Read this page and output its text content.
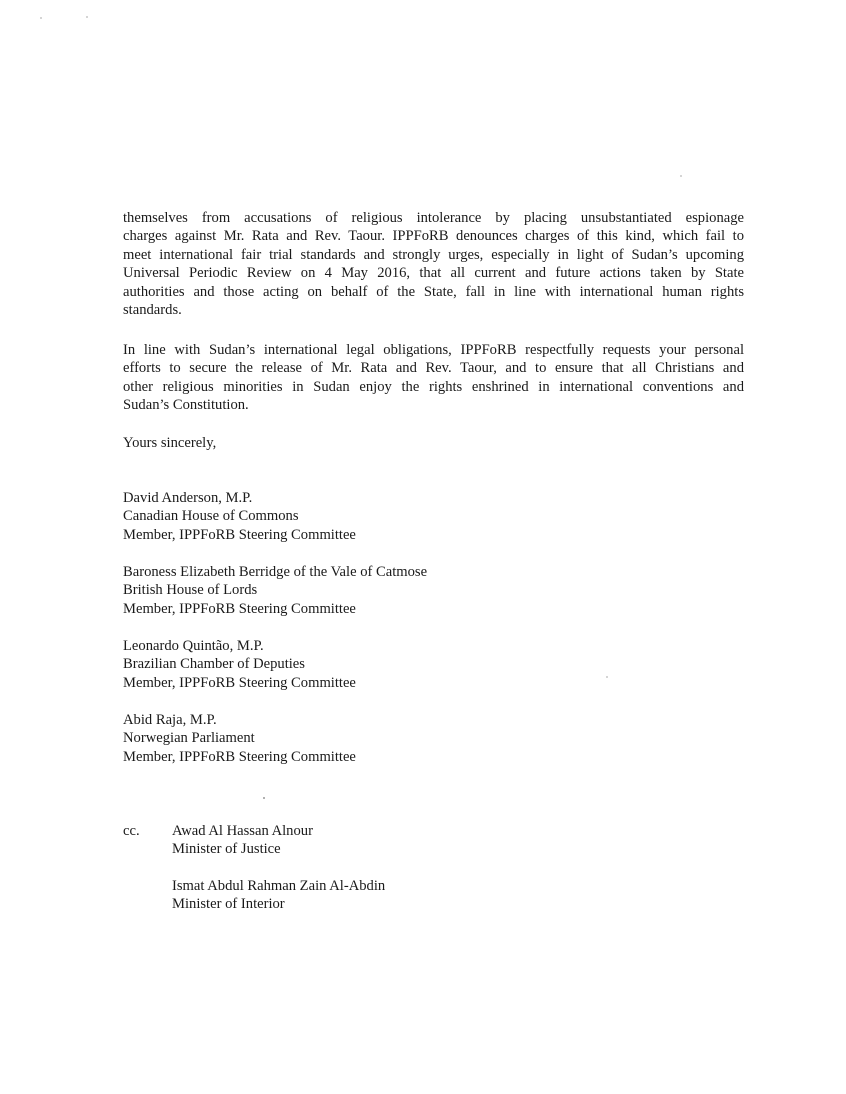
themselves from accusations of religious intolerance by placing unsubstantiated espionage
charges against Mr. Rata and Rev. Taour. IPPFoRB denounces charges of this kind, which fail to
meet international fair trial standards and strongly urges, especially in light of Sudan’s upcoming
Universal Periodic Review on 4 May 2016, that all current and future actions taken by State
authorities and those acting on behalf of the State, fall in line with international human rights
standards.

In line with Sudan’s international legal obligations, IPPFoRB respectfully requests your personal
efforts to secure the release of Mr. Rata and Rev. Taour, and to ensure that all Christians and
other religious minorities in Sudan enjoy the rights enshrined in international conventions and
Sudan’s Constitution.

Yours sincerely,

David Anderson, M.P.
Canadian House of Commons
Member, IPPFoRB Steering Committee

Baroness Elizabeth Berridge of the Vale of Catmose
British House of Lords
Member, IPPFoRB Steering Committee

Leonardo Quintão, M.P.
Brazilian Chamber of Deputies
Member, IPPFoRB Steering Committee

Abid Raja, M.P.
Norwegian Parliament
Member, IPPFoRB Steering Committee

cc. Awad Al Hassan Alnour
Minister of Justice
Ismat Abdul Rahman Zain Al-Abdin
Minister of Interior
